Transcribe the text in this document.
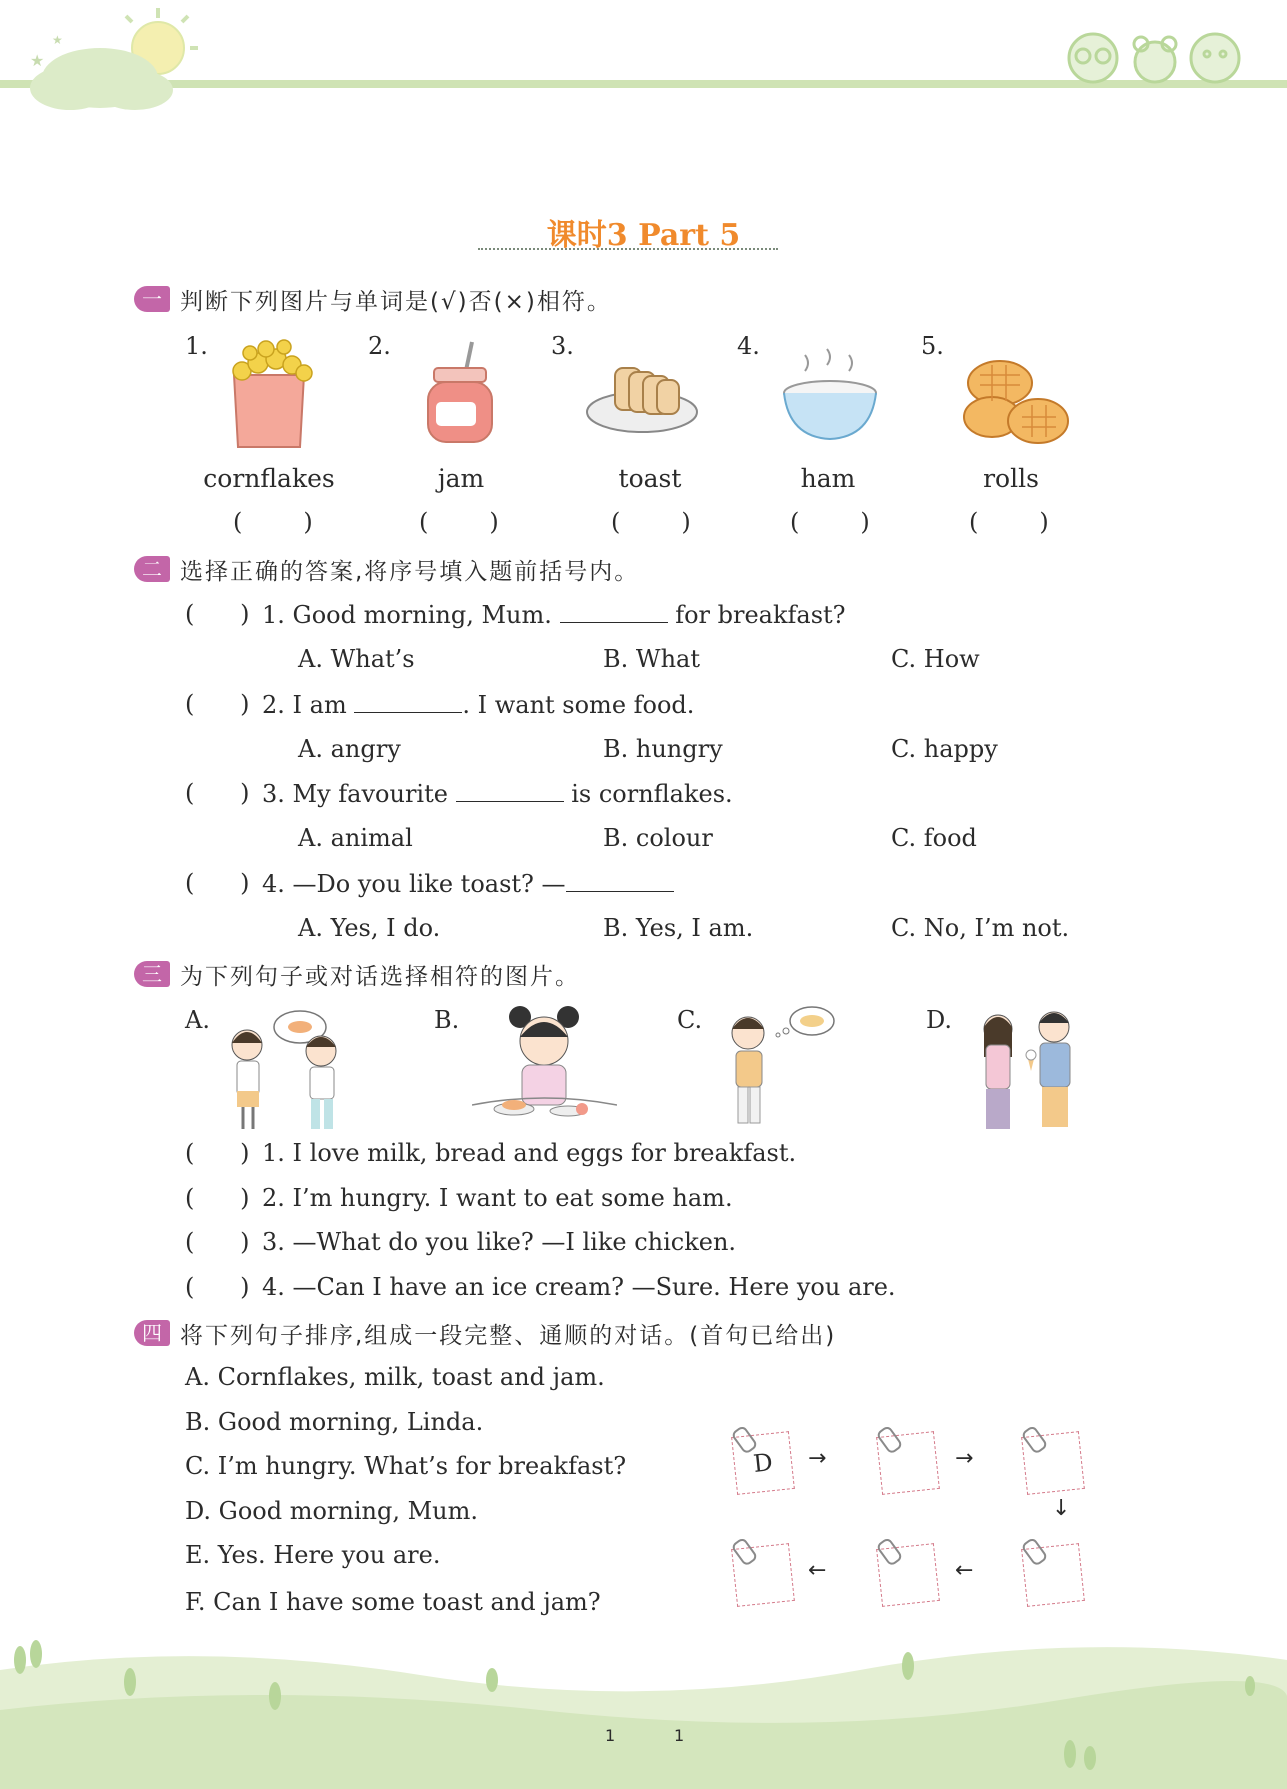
★
★
课时3 Part 5
一 判断下列图片与单词是(√)否(×)相符。
1.	2.	3.	4.	5.
cornflakes	jam	toast	ham	rolls
(        )	(        )	(        )	(        )	(        )
二 选择正确的答案,将序号填入题前括号内。
(      ) 1. Good morning, Mum.	for breakfast?
A. What’s	B. What	C. How
(      ) 2. I am	. I want some food.
A. angry	B. hungry	C. happy
(      ) 3. My favourite	is cornflakes.
A. animal	B. colour	C. food
(      ) 4. —Do you like toast? —
A. Yes, I do.	B. Yes, I am.	C. No, I’m not.
三 为下列句子或对话选择相符的图片。
A.	B.	C.	D.
(      ) 1. I love milk, bread and eggs for breakfast.
(      ) 2. I’m hungry. I want to eat some ham.
(      ) 3. —What do you like? —I like chicken.
(      ) 4. —Can I have an ice cream? —Sure. Here you are.
四 将下列句子排序,组成一段完整、通顺的对话。(首句已给出)
A. Cornflakes, milk, toast and jam.
B. Good morning, Linda.
C. I’m hungry. What’s for breakfast?
D. Good morning, Mum.
E. Yes. Here you are.
F. Can I have some toast and jam?
D	→	→
↓
←	←
1	1
